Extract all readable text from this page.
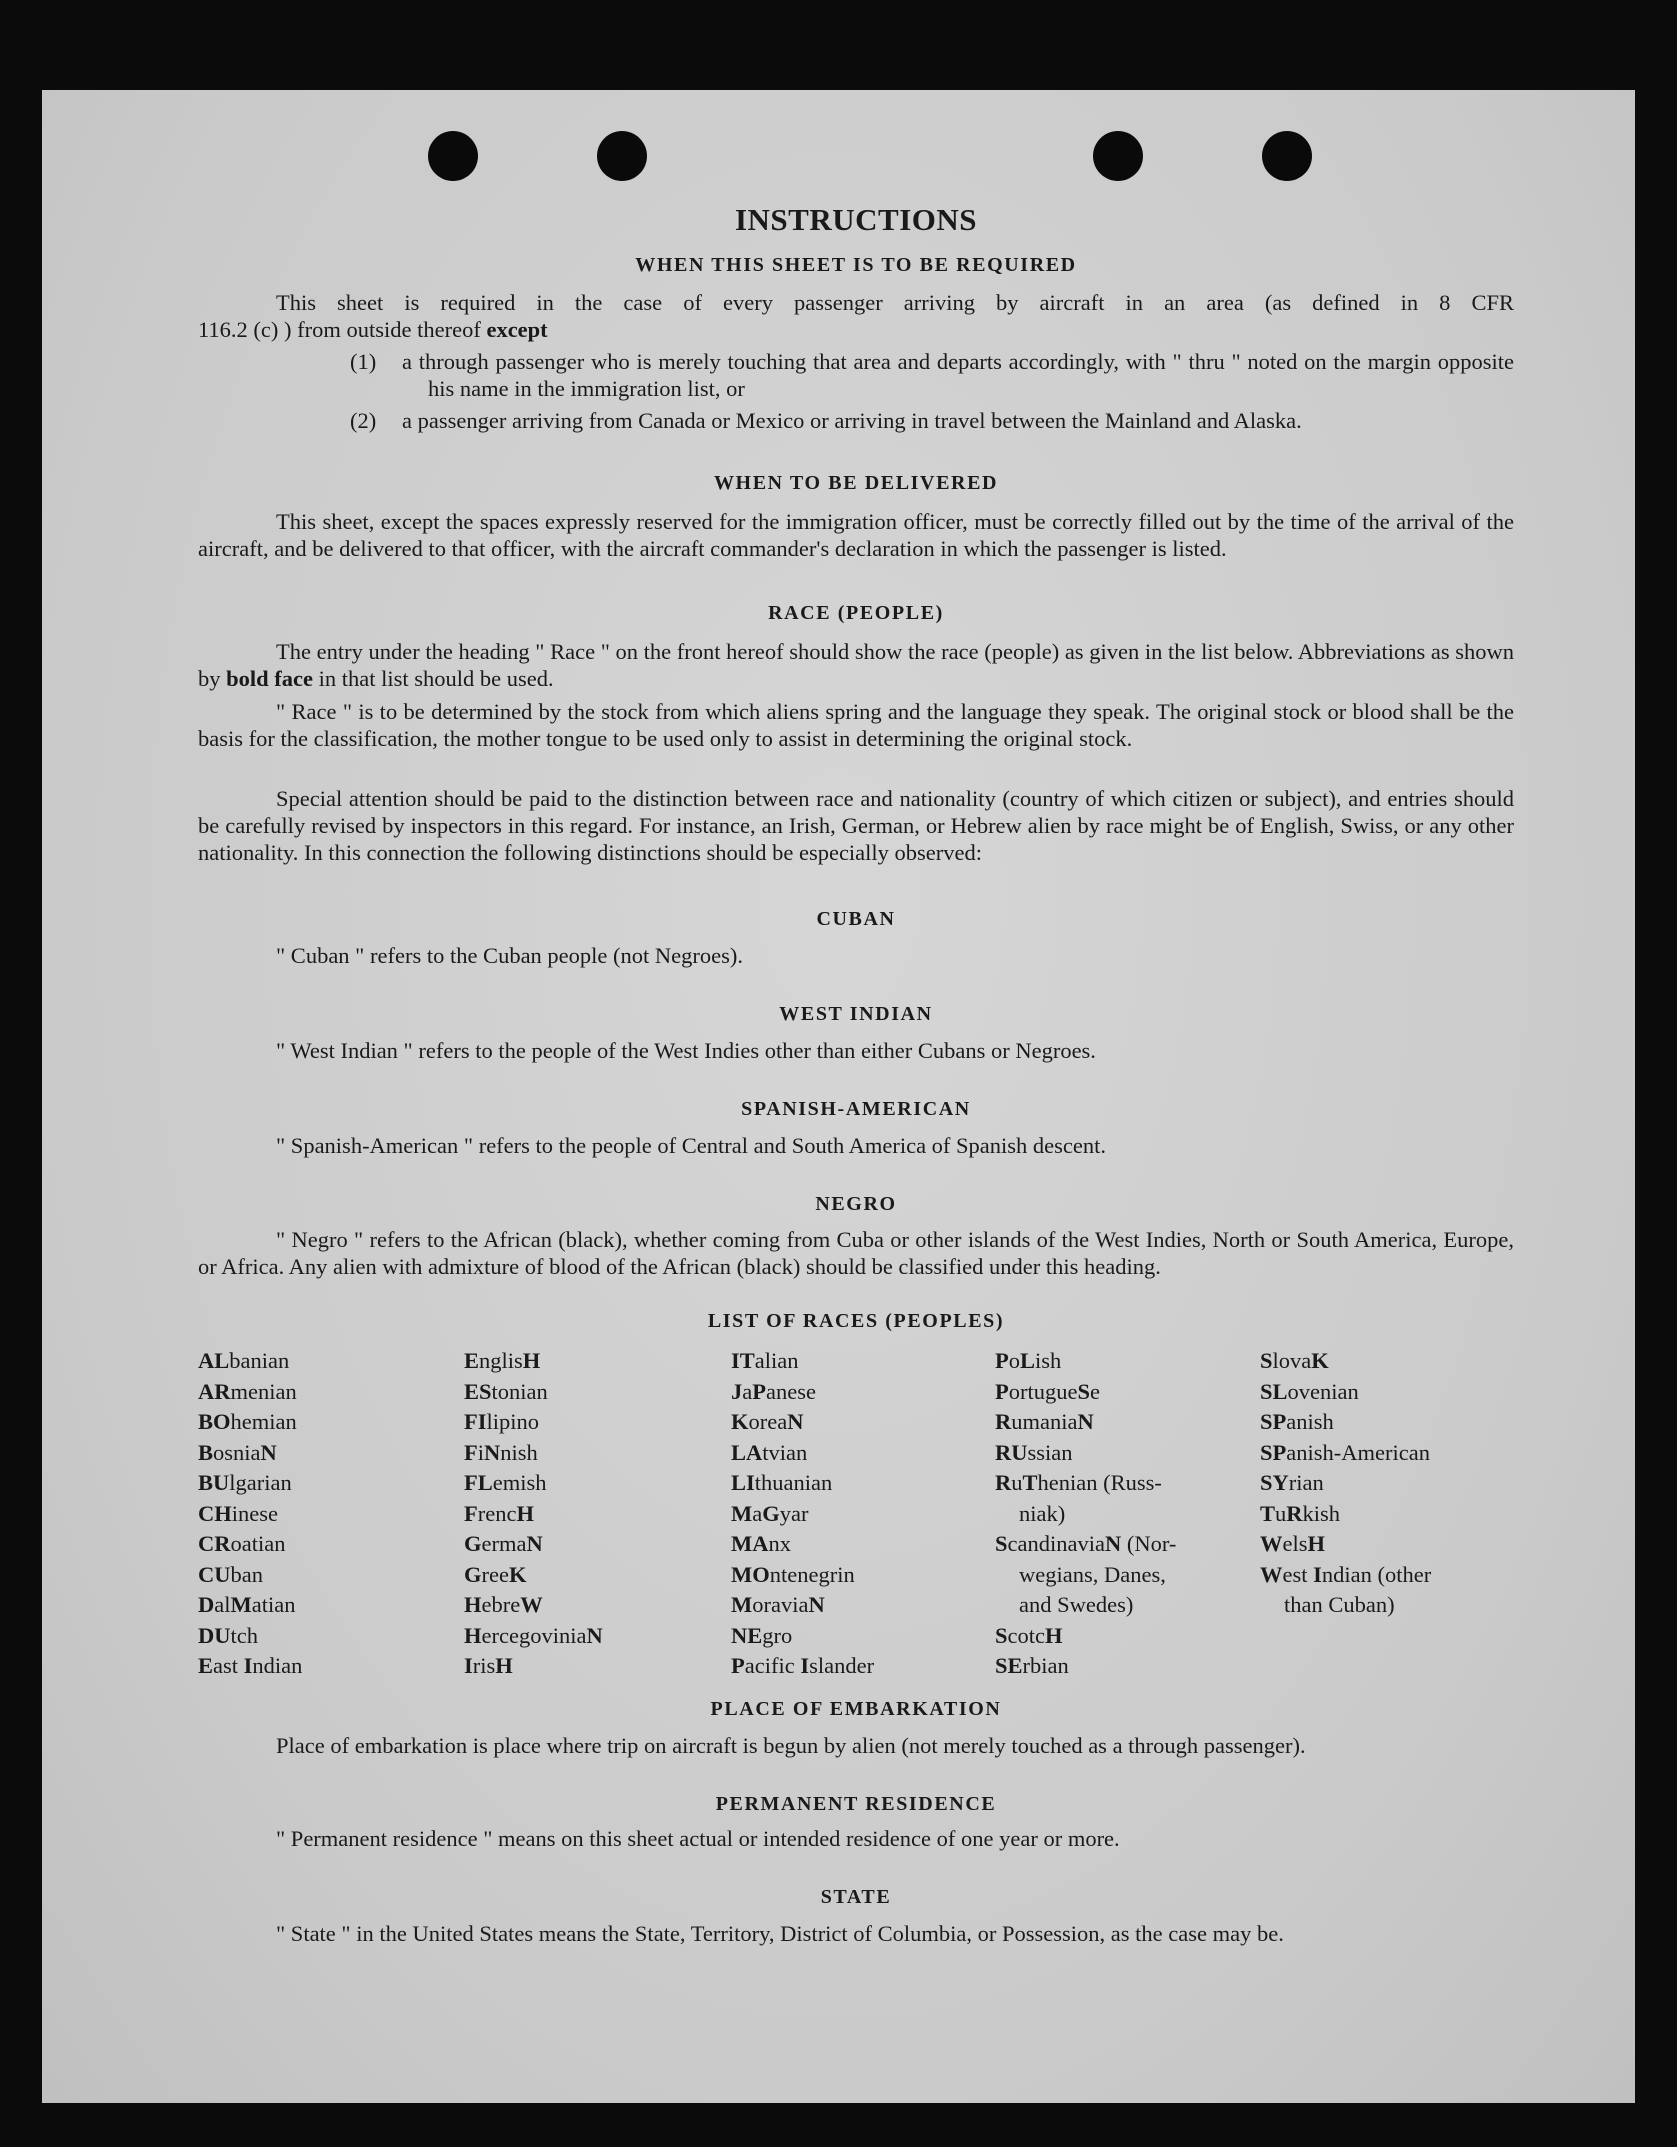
INSTRUCTIONS
WHEN THIS SHEET IS TO BE REQUIRED
This sheet is required in the case of every passenger arriving by aircraft in an area (as defined in 8 CFR
116.2 (c) ) from outside thereof except
(1) a through passenger who is merely touching that area and departs accordingly, with " thru " noted on the margin opposite his name in the immigration list, or
(2) a passenger arriving from Canada or Mexico or arriving in travel between the Mainland and Alaska.
WHEN TO BE DELIVERED
This sheet, except the spaces expressly reserved for the immigration officer, must be correctly filled out by the time of the arrival of the aircraft, and be delivered to that officer, with the aircraft commander's declaration in which the passenger is listed.
RACE (PEOPLE)
The entry under the heading " Race " on the front hereof should show the race (people) as given in the list below. Abbreviations as shown by bold face in that list should be used.
" Race " is to be determined by the stock from which aliens spring and the language they speak. The original stock or blood shall be the basis for the classification, the mother tongue to be used only to assist in determining the original stock.
Special attention should be paid to the distinction between race and nationality (country of which citizen or subject), and entries should be carefully revised by inspectors in this regard. For instance, an Irish, German, or Hebrew alien by race might be of English, Swiss, or any other nationality. In this connection the following distinctions should be especially observed:
CUBAN
" Cuban " refers to the Cuban people (not Negroes).
WEST INDIAN
" West Indian " refers to the people of the West Indies other than either Cubans or Negroes.
SPANISH-AMERICAN
" Spanish-American " refers to the people of Central and South America of Spanish descent.
NEGRO
" Negro " refers to the African (black), whether coming from Cuba or other islands of the West Indies, North or South America, Europe, or Africa. Any alien with admixture of blood of the African (black) should be classified under this heading.
LIST OF RACES (PEOPLES)
ALbanian
ARmenian
BOhemian
BosniaN
BUlgarian
CHinese
CRoatian
CUban
DalMatian
DUtch
East Indian
EnglisH
EStonian
FIlipino
FiNnish
FLemish
FrencH
GermaN
GreeK
HebreW
HercegoviniaN
IrisH
ITalian
JaPanese
KoreaN
LAtvian
LIthuanian
MaGyar
MAnx
MOntenegrin
MoraviaN
NEgro
Pacific Islander
PoLish
PortugueSe
RumaniaN
RUssian
RuThenian (Russ-
niak)
ScandinaviaN (Nor-
wegians, Danes,
and Swedes)
ScotcH
SErbian
SlovaK
SLovenian
SPanish
SPanish-American
SYrian
TuRkish
WelsH
West Indian (other
than Cuban)
PLACE OF EMBARKATION
Place of embarkation is place where trip on aircraft is begun by alien (not merely touched as a through passenger).
PERMANENT RESIDENCE
" Permanent residence " means on this sheet actual or intended residence of one year or more.
STATE
" State " in the United States means the State, Territory, District of Columbia, or Possession, as the case may be.
